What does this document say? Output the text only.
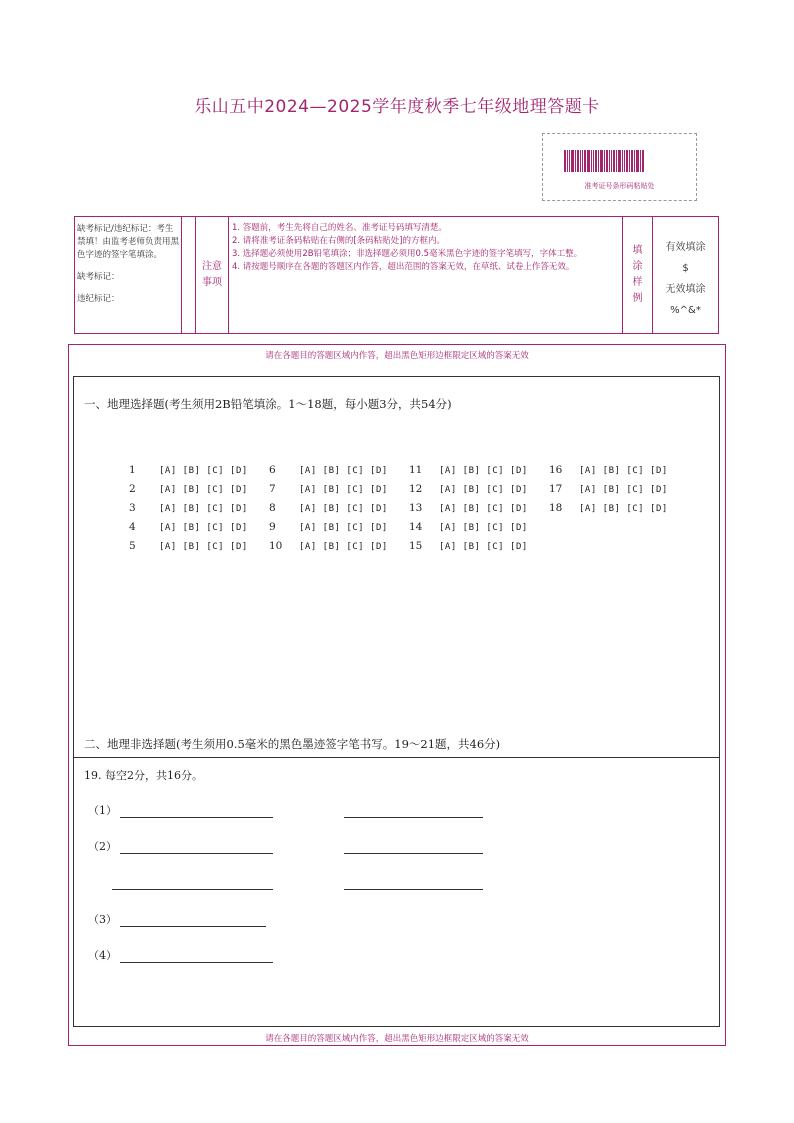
乐山五中2024—2025学年度秋季七年级地理答题卡
准考证号条形码粘贴处
缺考标记/违纪标记：考生禁填！由监考老师负责用黑色字迹的签字笔填涂。
缺考标记：
违纪标记：
注意事项
1. 答题前，考生先将自己的姓名、准考证号码填写清楚。
2. 请将准考证条码粘贴在右侧的[条码粘贴处]的方框内。
3. 选择题必须使用2B铅笔填涂；非选择题必须用0.5毫米黑色字迹的签字笔填写，字体工整。
4. 请按题号顺序在各题的答题区内作答，超出范围的答案无效，在草纸、试卷上作答无效。
填涂样例
有效填涂
$
无效填涂
%^&*
请在各题目的答题区域内作答，超出黑色矩形边框限定区域的答案无效
请在各题目的答题区域内作答，超出黑色矩形边框限定区域的答案无效
一、地理选择题(考生须用2B铅笔填涂。1～18题，每小题3分，共54分)
1	[A] [B] [C] [D]
2	[A] [B] [C] [D]
3	[A] [B] [C] [D]
4	[A] [B] [C] [D]
5	[A] [B] [C] [D]
6	[A] [B] [C] [D]
7	[A] [B] [C] [D]
8	[A] [B] [C] [D]
9	[A] [B] [C] [D]
10 [A] [B] [C] [D]
11 [A] [B] [C] [D]
12 [A] [B] [C] [D]
13 [A] [B] [C] [D]
14 [A] [B] [C] [D]
15 [A] [B] [C] [D]
16 [A] [B] [C] [D]
17 [A] [B] [C] [D]
18 [A] [B] [C] [D]
二、地理非选择题(考生须用0.5毫米的黑色墨迹签字笔书写。19～21题，共46分)
19. 每空2分，共16分。
（1）
（2）
（3）
（4）
